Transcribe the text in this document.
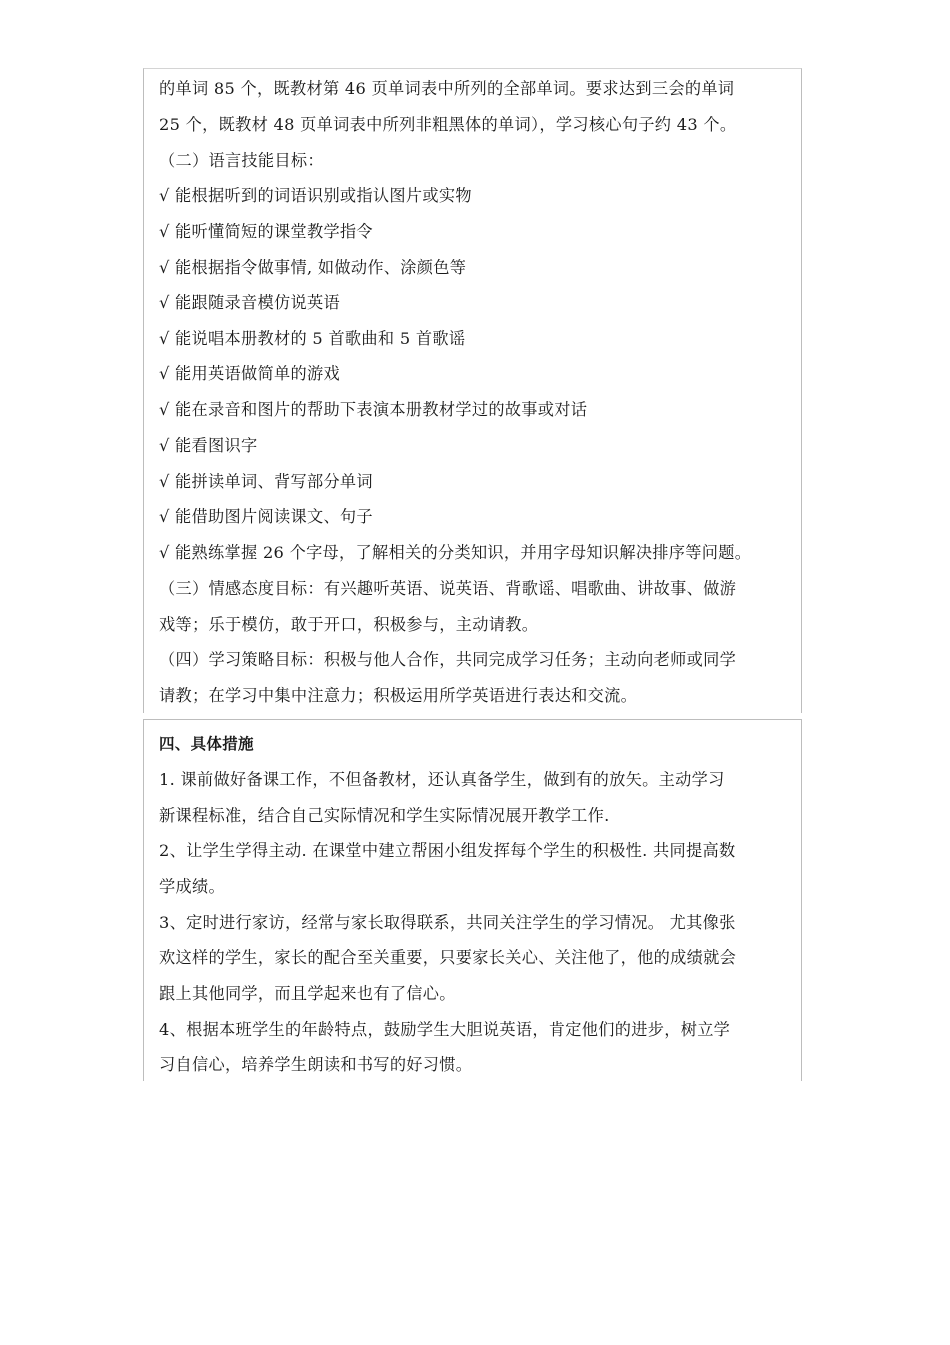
的单词 85 个，既教材第 46 页单词表中所列的全部单词。要求达到三会的单词
25 个，既教材 48 页单词表中所列非粗黑体的单词），学习核心句子约 43 个。
（二）语言技能目标：
√ 能根据听到的词语识别或指认图片或实物
√ 能听懂简短的课堂教学指令
√ 能根据指令做事情, 如做动作、涂颜色等
√ 能跟随录音模仿说英语
√ 能说唱本册教材的 5 首歌曲和 5 首歌谣
√ 能用英语做简单的游戏
√ 能在录音和图片的帮助下表演本册教材学过的故事或对话
√ 能看图识字
√ 能拼读单词、背写部分单词
√ 能借助图片阅读课文、句子
√ 能熟练掌握 26 个字母，了解相关的分类知识，并用字母知识解决排序等问题。
（三）情感态度目标：有兴趣听英语、说英语、背歌谣、唱歌曲、讲故事、做游
戏等；乐于模仿，敢于开口，积极参与，主动请教。
（四）学习策略目标：积极与他人合作，共同完成学习任务；主动向老师或同学
请教；在学习中集中注意力；积极运用所学英语进行表达和交流。
四、具体措施
1. 课前做好备课工作，不但备教材，还认真备学生，做到有的放矢。主动学习
新课程标准，结合自己实际情况和学生实际情况展开教学工作.
2、让学生学得主动. 在课堂中建立帮困小组发挥每个学生的积极性. 共同提高数
学成绩。
3、定时进行家访，经常与家长取得联系，共同关注学生的学习情况。 尤其像张
欢这样的学生，家长的配合至关重要，只要家长关心、关注他了，他的成绩就会
跟上其他同学，而且学起来也有了信心。
4、根据本班学生的年龄特点，鼓励学生大胆说英语，肯定他们的进步，树立学
习自信心，培养学生朗读和书写的好习惯。
